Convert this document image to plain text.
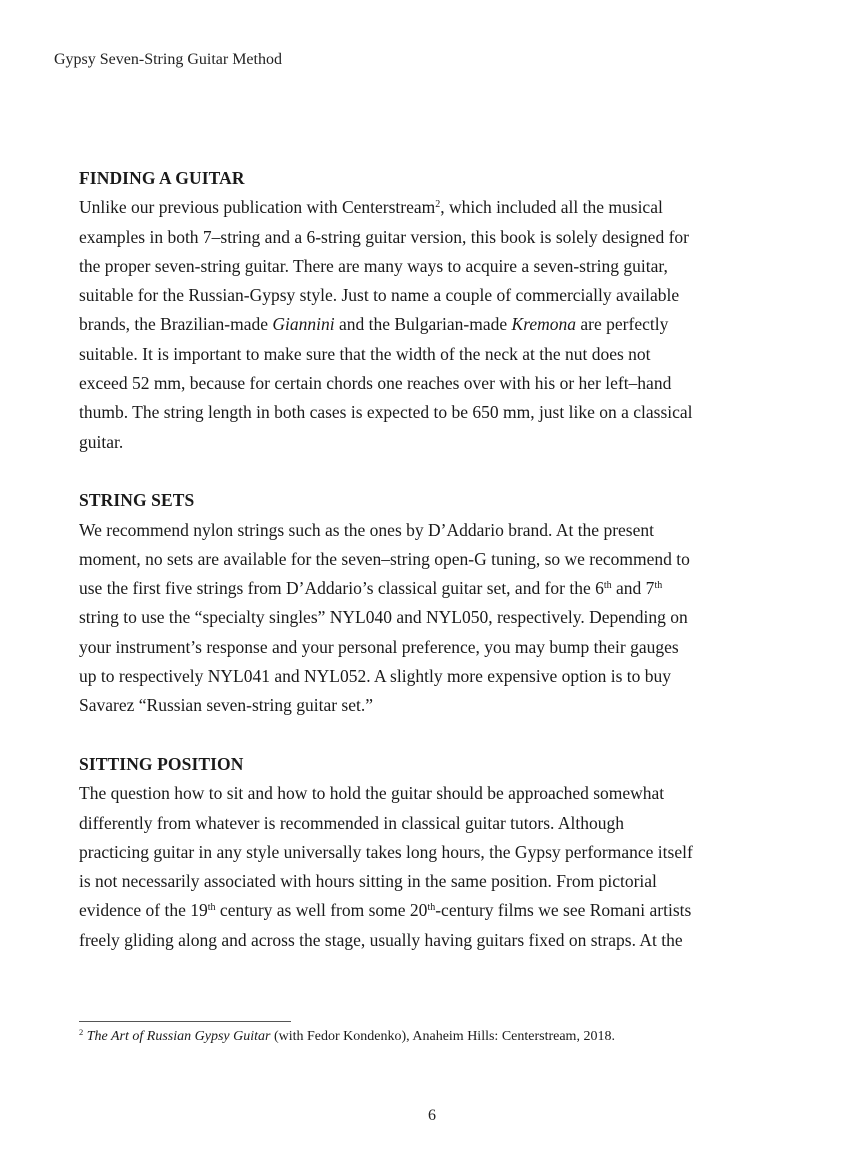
Gypsy Seven-String Guitar Method
FINDING A GUITAR

Unlike our previous publication with Centerstream$^2$, which included all the musical
examples in both 7–string and a 6-string guitar version, this book is solely designed for
the proper seven-string guitar. There are many ways to acquire a seven-string guitar,
suitable for the Russian-Gypsy style. Just to name a couple of commercially available
brands, the Brazilian-made Giannini and the Bulgarian-made Kremona are perfectly
suitable. It is important to make sure that the width of the neck at the nut does not
exceed 52 mm, because for certain chords one reaches over with his or her left–hand
thumb. The string length in both cases is expected to be 650 mm, just like on a classical
guitar.

STRING SETS

We recommend nylon strings such as the ones by D’Addario brand. At the present
moment, no sets are available for the seven–string open-G tuning, so we recommend to
use the first five strings from D’Addario’s classical guitar set, and for the 6th and 7th
string to use the “specialty singles” NYL040 and NYL050, respectively. Depending on
your instrument’s response and your personal preference, you may bump their gauges
up to respectively NYL041 and NYL052. A slightly more expensive option is to buy
Savarez “Russian seven-string guitar set.”

SITTING POSITION

The question how to sit and how to hold the guitar should be approached somewhat
differently from whatever is recommended in classical guitar tutors. Although
practicing guitar in any style universally takes long hours, the Gypsy performance itself
is not necessarily associated with hours sitting in the same position. From pictorial
evidence of the 19th century as well from some 20th-century films we see Romani artists
freely gliding along and across the stage, usually having guitars fixed on straps. At the

$^2$ The Art of Russian Gypsy Guitar (with Fedor Kondenko), Anaheim Hills: Centerstream, 2018.
6
